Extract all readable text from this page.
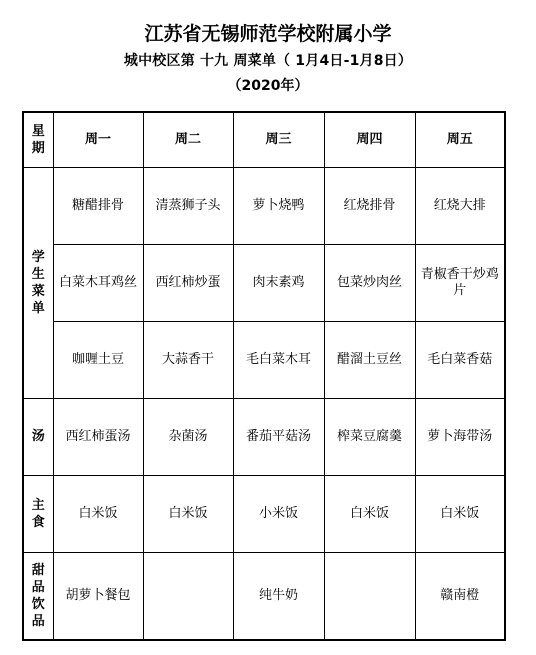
江苏省无锡师范学校附属小学
城中校区第 十九 周菜单（ 1月4日-1月8日）
（2020年）
星期	周一	周二	周三	周四	周五
学生菜单	糖醋排骨	清蒸狮子头	萝卜烧鸭	红烧排骨	红烧大排
	白菜木耳鸡丝	西红柿炒蛋	肉末素鸡	包菜炒肉丝	青椒香干炒鸡片
	咖喱土豆	大蒜香干	毛白菜木耳	醋溜土豆丝	毛白菜香菇
汤	西红柿蛋汤	杂菌汤	番茄平菇汤	榨菜豆腐羹	萝卜海带汤
主食	白米饭	白米饭	小米饭	白米饭	白米饭
甜品饮品	胡萝卜餐包		纯牛奶		赣南橙
